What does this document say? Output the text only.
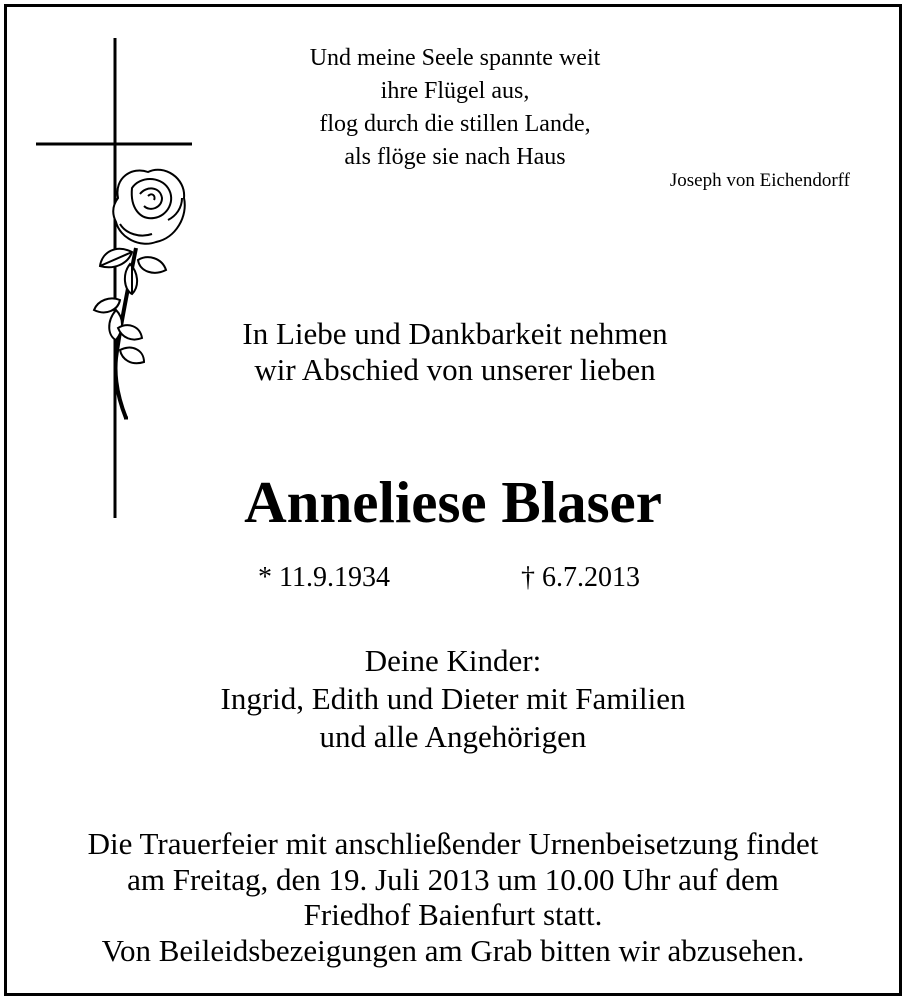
Und meine Seele spannte weit
ihre Flügel aus,
flog durch die stillen Lande,
als flöge sie nach Haus
Joseph von Eichendorff
In Liebe und Dankbarkeit nehmen
wir Abschied von unserer lieben
Anneliese Blaser
* 11.9.1934	† 6.7.2013
Deine Kinder:
Ingrid, Edith und Dieter mit Familien
und alle Angehörigen
Die Trauerfeier mit anschließender Urnenbeisetzung findet
am Freitag, den 19. Juli 2013 um 10.00 Uhr auf dem
Friedhof Baienfurt statt.
Von Beileidsbezeigungen am Grab bitten wir abzusehen.
